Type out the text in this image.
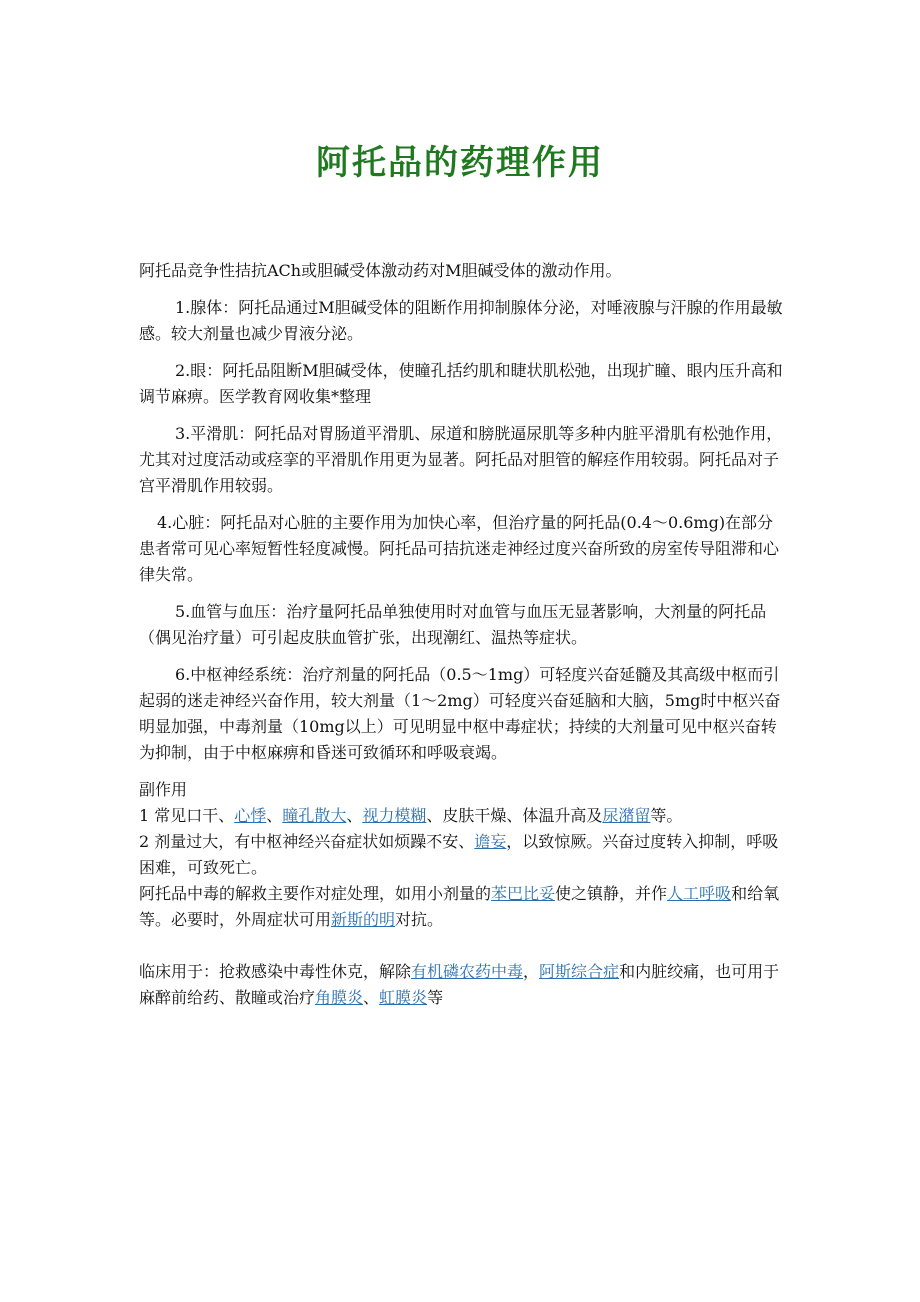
阿托品的药理作用

阿托品竞争性拮抗ACh或胆碱受体激动药对M胆碱受体的激动作用。

1.腺体：阿托品通过M胆碱受体的阻断作用抑制腺体分泌，对唾液腺与汗腺的作用最敏感。较大剂量也减少胃液分泌。

2.眼：阿托品阻断M胆碱受体，使瞳孔括约肌和睫状肌松弛，出现扩瞳、眼内压升高和调节麻痹。医学教育网收集*整理

3.平滑肌：阿托品对胃肠道平滑肌、尿道和膀胱逼尿肌等多种内脏平滑肌有松弛作用，尤其对过度活动或痉挛的平滑肌作用更为显著。阿托品对胆管的解痉作用较弱。阿托品对子宫平滑肌作用较弱。

4.心脏：阿托品对心脏的主要作用为加快心率，但治疗量的阿托品(0.4～0.6mg)在部分患者常可见心率短暂性轻度减慢。阿托品可拮抗迷走神经过度兴奋所致的房室传导阻滞和心律失常。

5.血管与血压：治疗量阿托品单独使用时对血管与血压无显著影响，大剂量的阿托品（偶见治疗量）可引起皮肤血管扩张，出现潮红、温热等症状。

6.中枢神经系统：治疗剂量的阿托品（0.5～1mg）可轻度兴奋延髓及其高级中枢而引起弱的迷走神经兴奋作用，较大剂量（1～2mg）可轻度兴奋延脑和大脑，5mg时中枢兴奋明显加强，中毒剂量（10mg以上）可见明显中枢中毒症状；持续的大剂量可见中枢兴奋转为抑制，由于中枢麻痹和昏迷可致循环和呼吸衰竭。

副作用

1 常见口干、心悸、瞳孔散大、视力模糊、皮肤干燥、体温升高及尿潴留等。

2 剂量过大，有中枢神经兴奋症状如烦躁不安、谵妄，以致惊厥。兴奋过度转入抑制，呼吸困难，可致死亡。

阿托品中毒的解救主要作对症处理，如用小剂量的苯巴比妥使之镇静，并作人工呼吸和给氧等。必要时，外周症状可用新斯的明对抗。

临床用于：抢救感染中毒性休克，解除有机磷农药中毒，阿斯综合症和内脏绞痛，也可用于麻醉前给药、散瞳或治疗角膜炎、虹膜炎等
